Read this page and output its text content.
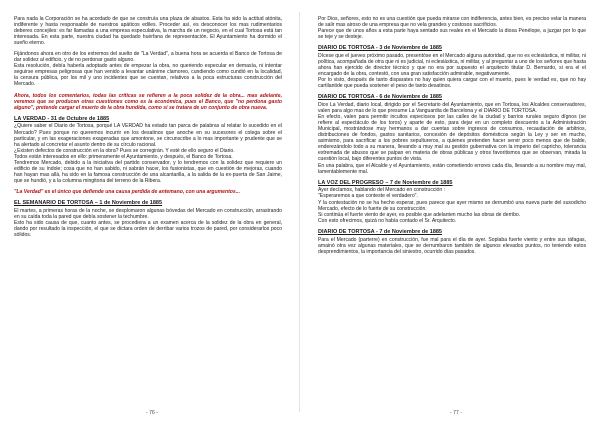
Para nada la Corporación se ha acordado de que se construía una plaza de abastos. Esta ha sido la actitud atónita, indiferente y hasta responsable de nuestros apáticos ediles. Proceder así, es desconocer los mas rudimentarios deberes concejiles: es far llamadas a una empresa especulativa, la marcha de un negocio, en el cual Tortosa está tan interesada. En esta parte, nuestra ciudad ha quedado huérfana de representación. El Ayuntamiento ha dormido el sueño eterno.

Fijándonos ahora en otro de los extremos del suelto de "La Verdad", a buena hora se acuerda el Banco de Tortosa de dar solidez al edificio, y de no perdonar gasto alguno.

Esta resolución, debía haberla adoptado antes de empezar la obra, no queriendo especular en demasía, ni intentar seguirse empresas peligrosas que han venido a levantar unánime clamoreo, cundiendo como cundió en la localidad, la censura pública, por los mil y uno incidentes que se cuentan, relativos a la poca estructuras construcción del Mercado.

Ahora, todos los comentarios, todas las críticas se refieren a la poca solidez de la obra... mas adelante, veremos que se producen otras cuestiones como es la económica, pues el Banco, que "no perdona gasto alguno", pretende cargar el muerto de la obra hundida, como si se tratara de un conjunto de obra nueva.

LA VERDAD - 31 de Octubre de 1885

¿Quiere saber el Diario de Tortosa, porqué LA VERDAD ha estado tan parca de palabras al relatar lo sucedido en el Mercado? Pues porque no queremos incurrir en los desatinos que anoche en su sucesores el colega sobre el particular, y en las exageraciones exageradas que amontone, se circunscribe a lo mas importante y prudente que se ha alertado al concretar el asunto dentro de su círculo racional.

¿Existen defectos de construcción en la obra? Pues se corregirán. Y esté de ello seguro el Diario.

Todos están interesados en ello: primeramente el Ayuntamiento, y después, el Banco de Tortosa.

Tendremos Mercado, debido a la iniciativa del partido conservador, y lo tendremos con la solidez que requiere un edificio de su índole; cosa que no han sabido, ni sabrán hacer, los fusionistas, que en cuestión de mejoras, cuando han hayan mas allá, ha sido en la famosa construcción de una alcantarilla, a la salida de la ex-puerta de San Jaime, que se hundió, y a la columna mingitoria del terreno de la Ribera.

"La Verdad" es el único que defiende una causa perdida de antemano, con una argumentos...

EL SEMANARIO DE TORTOSA – 1 de Noviembre de 1885

El martes, a primeras horas de la noche, se desplomaron algunas bóvedas del Mercado en construcción, arrastrando en su caída toda la pared que debía sostener la techumbre.

Esto ha sido causa de que, cuanto antes, se procediera a un examen acerca de la solidez de la obra en general, dando por resultado la inspección, el que se dictara orden de derribar varios trozos de pared, por considerarlos poco sólidos.

Por Dios, señores, esto no es una cuestión que pueda mirarse con indiferencia, antes bien, es preciso velar la manera de salir mas airoso de una empresa que no vela grandes y costosos sacrificios.

Parece que de unos años a esta parte haya sentado sus reales en el Mercado la diosa Penélope, a juzgar por lo que se teje y se desteje.

DIARIO DE TORTOSA - 3 de Noviembre de 1885

Dícese que el jueves próximo pasado, presentóse en el Mercado alguna autoridad, que no es eclesiástica, ni militar, ni política, acompañada de otra que ni es judicial, ni eclesiástica, ni militar, y al preguntar a uno de los señores que hasta ahora han ejercido de director técnico y que no era por supuesto el arquitecto titular D. Bernardo, si era el el encargado de la obra, contestó, con una gran satisfacción admirable, negativamente.

Por lo visto, después de tanto disparates no hay quien quiera cargar con el muerto, pues le verdad es, que no hay cartilantide que pueda sostener el peso de tanto desatinos.

DIARIO DE TORTOSA - 6 de Noviembre de 1885

Dice La Verdad, diario local, dirigido por el Secretario del Ayuntamiento, que en Tortosa, los Alcaldes conservadores, valen para algo mas de lo que presume La Vanguardia de Barcelona y el DIARIO DE TORTOSA.

En efecto, valen para permitir incultos especiosos por las calles de la ciudad y barrios rurales seguro dígnos (se refiere al espectáculo de los toros) y aparte de esto, para dejar en un completo descuento a la Administración Municipal, mostrándose muy hermanos a dar cuentas sobre ingresos de consumos, recaudación de arbitrios, distribuciones de fondos, gastos sanitarios, concesión de depósitos domésticos según la Ley y ser en mucho, asimismo, para sacrificar a los pobres sepultureros, a quienes pretenden hacer servir poco menos que de balde, enderezándolo todo a su manera, llevando a muy mal su gestión gubernativa con la imperio del capricho, tolerancia extremada de abusos que se palpan en materia de obras públicas y otros favoritismos que se observan, mirada la cuestión local, bajo diferentes puntos de vista.

En una palabra, que el Alcalde y el Ayuntamiento, están cometiendo errores cada día, llevando a su nombre muy mal, lamentablemente mal.

LA VOZ DEL PROGRESO – 7 de Noviembre de 1885

Ayer decíamos, hablando del Mercado en construcción :

"Esperaremos a que conteste el verdadero".

Y la contestación no se ha hecho esperar, pues parece que ayer mismo se derrumbó una nueva parte del susodicho Mercado, efecto de lo fuerte de su construcción.

Si continúa el fuerte viento de ayer, es posible que adelanten mucho las obras de derribo.

Con esto ofrecimos, quizá no había contado el Sr. Arquitecto.

DIARIO DE TORTOSA - 7 de Noviembre de 1885

Para el Mercado (parterre) en construcción, fue mal para el día de ayer. Soplaba fuerte viento y entre sus ráfagas, amainó otra vez algunas materiales, que se derrumbaron también de algunos elevados puntos, no teniendo estos desprendimientos, la importancia del siniestro, ocurrido días pasados.

- 76 -	- 77 -
